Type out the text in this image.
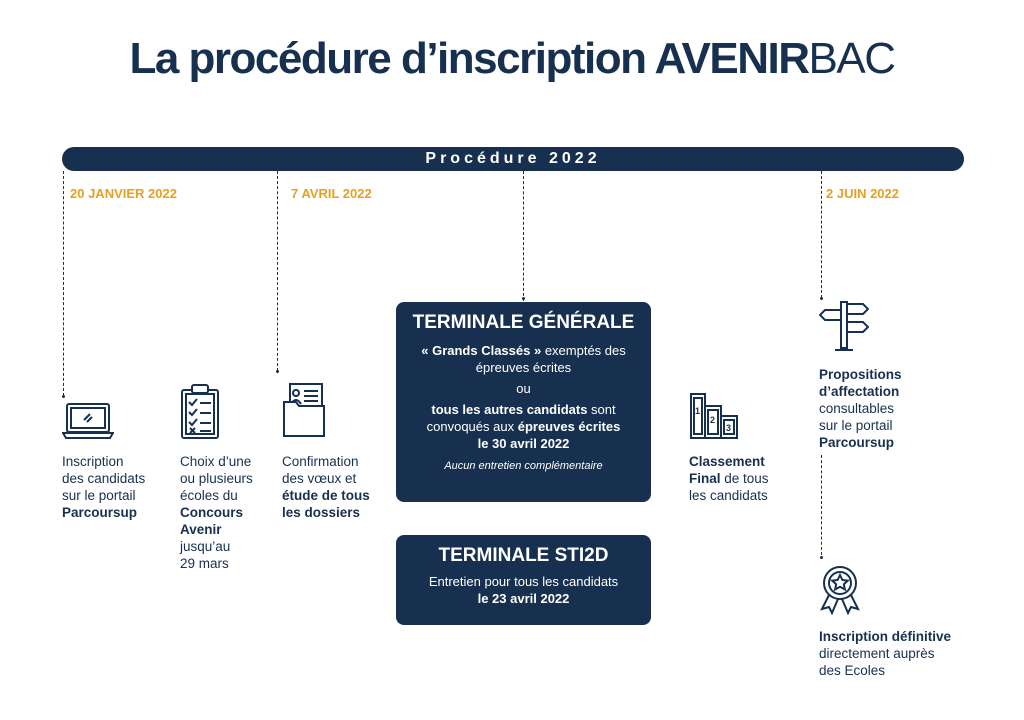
La procédure d’inscription AVENIRBAC
Procédure 2022
20 JANVIER 2022	7 AVRIL 2022	2 JUIN 2022
1
2
3
Inscription
des candidats
sur le portail
Parcoursup
Choix d’une
ou plusieurs
écoles du
Concours
Avenir
jusqu’au
29 mars
Confirmation
des vœux et
étude de tous
les dossiers
Classement
Final de tous
les candidats
Propositions
d’affectation
consultables
sur le portail
Parcoursup
Inscription définitive
directement auprès
des Ecoles
TERMINALE GÉNÉRALE
« Grands Classés » exemptés des
épreuves écrites
ou
tous les autres candidats sont
convoqués aux épreuves écrites
le 30 avril 2022
Aucun entretien complémentaire
TERMINALE STI2D
Entretien pour tous les candidats
le 23 avril 2022
